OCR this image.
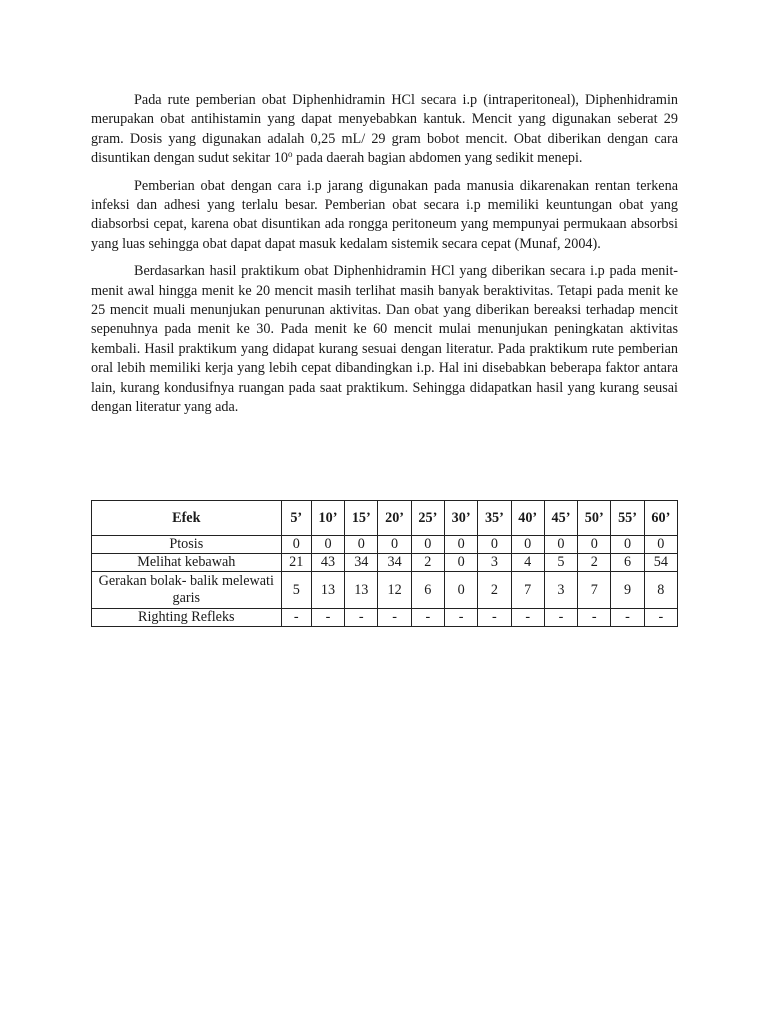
Pada rute pemberian obat Diphenhidramin HCl secara i.p (intraperitoneal), Diphenhidramin merupakan obat antihistamin yang dapat menyebabkan kantuk. Mencit yang digunakan seberat 29 gram. Dosis yang digunakan adalah 0,25 mL/ 29 gram bobot mencit. Obat diberikan dengan cara disuntikan dengan sudut sekitar 10$^o$ pada daerah bagian abdomen yang sedikit menepi.

Pemberian obat dengan cara i.p jarang digunakan pada manusia dikarenakan rentan terkena infeksi dan adhesi yang terlalu besar. Pemberian obat secara i.p memiliki keuntungan obat yang diabsorbsi cepat, karena obat disuntikan ada rongga peritoneum yang mempunyai permukaan absorbsi yang luas sehingga obat dapat dapat masuk kedalam sistemik secara cepat (Munaf, 2004).

Berdasarkan hasil praktikum obat Diphenhidramin HCl yang diberikan secara i.p pada menit-menit awal hingga menit ke 20 mencit masih terlihat masih banyak beraktivitas. Tetapi pada menit ke 25 mencit muali menunjukan penurunan aktivitas. Dan obat yang diberikan bereaksi terhadap mencit sepenuhnya pada menit ke 30. Pada menit ke 60 mencit mulai menunjukan peningkatan aktivitas kembali. Hasil praktikum yang didapat kurang sesuai dengan literatur. Pada praktikum rute pemberian oral lebih memiliki kerja yang lebih cepat dibandingkan i.p. Hal ini disebabkan beberapa faktor antara lain, kurang kondusifnya ruangan pada saat praktikum. Sehingga didapatkan hasil yang kurang seusai dengan literatur yang ada.

Efek	5’	10’	15’	20’	25’	30’	35’	40’	45’	50’	55’	60’
Ptosis	0	0	0	0	0	0	0	0	0	0	0	0
Melihat kebawah	21	43	34	34	2	0	3	4	5	2	6	54
Gerakan bolak- balik melewati garis	5	13	13	12	6	0	2	7	3	7	9	8
Righting Refleks	-	-	-	-	-	-	-	-	-	-	-	-
